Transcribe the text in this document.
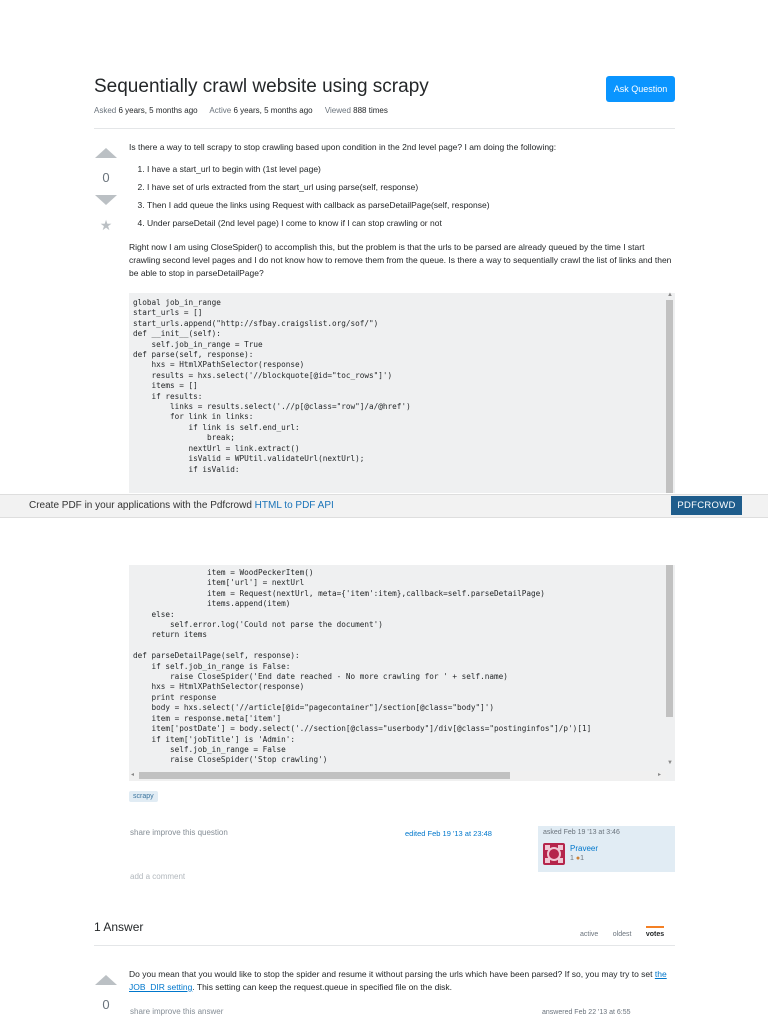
Sequentially crawl website using scrapy	Ask Question
Asked 6 years, 5 months ago Active 6 years, 5 months ago Viewed 888 times
0
★
Is there a way to tell scrapy to stop crawling based upon condition in the 2nd level page? I am doing the following:
1. I have a start_url to begin with (1st level page)
2. I have set of urls extracted from the start_url using parse(self, response)
3. Then I add queue the links using Request with callback as parseDetailPage(self, response)
4. Under parseDetail (2nd level page) I come to know if I can stop crawling or not
Right now I am using CloseSpider() to accomplish this, but the problem is that the urls to be parsed are already queued by the time I start crawling second level pages and I do not know how to remove them from the queue. Is there a way to sequentially crawl the list of links and then be able to stop in parseDetailPage?
global job_in_range
start_urls = []
start_urls.append("http://sfbay.craigslist.org/sof/")
def __init__(self):
self.job_in_range = True
def parse(self, response):
hxs = HtmlXPathSelector(response)
results = hxs.select('//blockquote[@id="toc_rows"]')
items = []
if results:
links = results.select('.//p[@class="row"]/a/@href')
for link in links:
if link is self.end_url:
break;
nextUrl = link.extract()
isValid = WPUtil.validateUrl(nextUrl);
if isValid:
▲
Create PDF in your applications with the Pdfcrowd HTML to PDF API	PDFCROWD
item = WoodPeckerItem()
item['url'] = nextUrl
item = Request(nextUrl, meta={'item':item},callback=self.parseDetailPage)
items.append(item)
else:
self.error.log('Could not parse the document')
return items

def parseDetailPage(self, response):
if self.job_in_range is False:
raise CloseSpider('End date reached - No more crawling for ' + self.name)
hxs = HtmlXPathSelector(response)
print response
body = hxs.select('//article[@id="pagecontainer"]/section[@class="body"]')
item = response.meta['item']
item['postDate'] = body.select('.//section[@class="userbody"]/div[@class="postinginfos"]/p')[1]
if item['jobTitle'] is 'Admin':
self.job_in_range = False
raise CloseSpider('Stop crawling')	▼
◂	▸
scrapy
share improve this question	edited Feb 19 '13 at 23:48	asked Feb 19 '13 at 3:46
Praveer
1 ●1
add a comment
1 Answer
active oldest votes
0
Do you mean that you would like to stop the spider and resume it without parsing the urls which have been parsed? If so, you may try to set the JOB_DIR setting. This setting can keep the request.queue in specified file on the disk.
share improve this answer	answered Feb 22 '13 at 6:55
